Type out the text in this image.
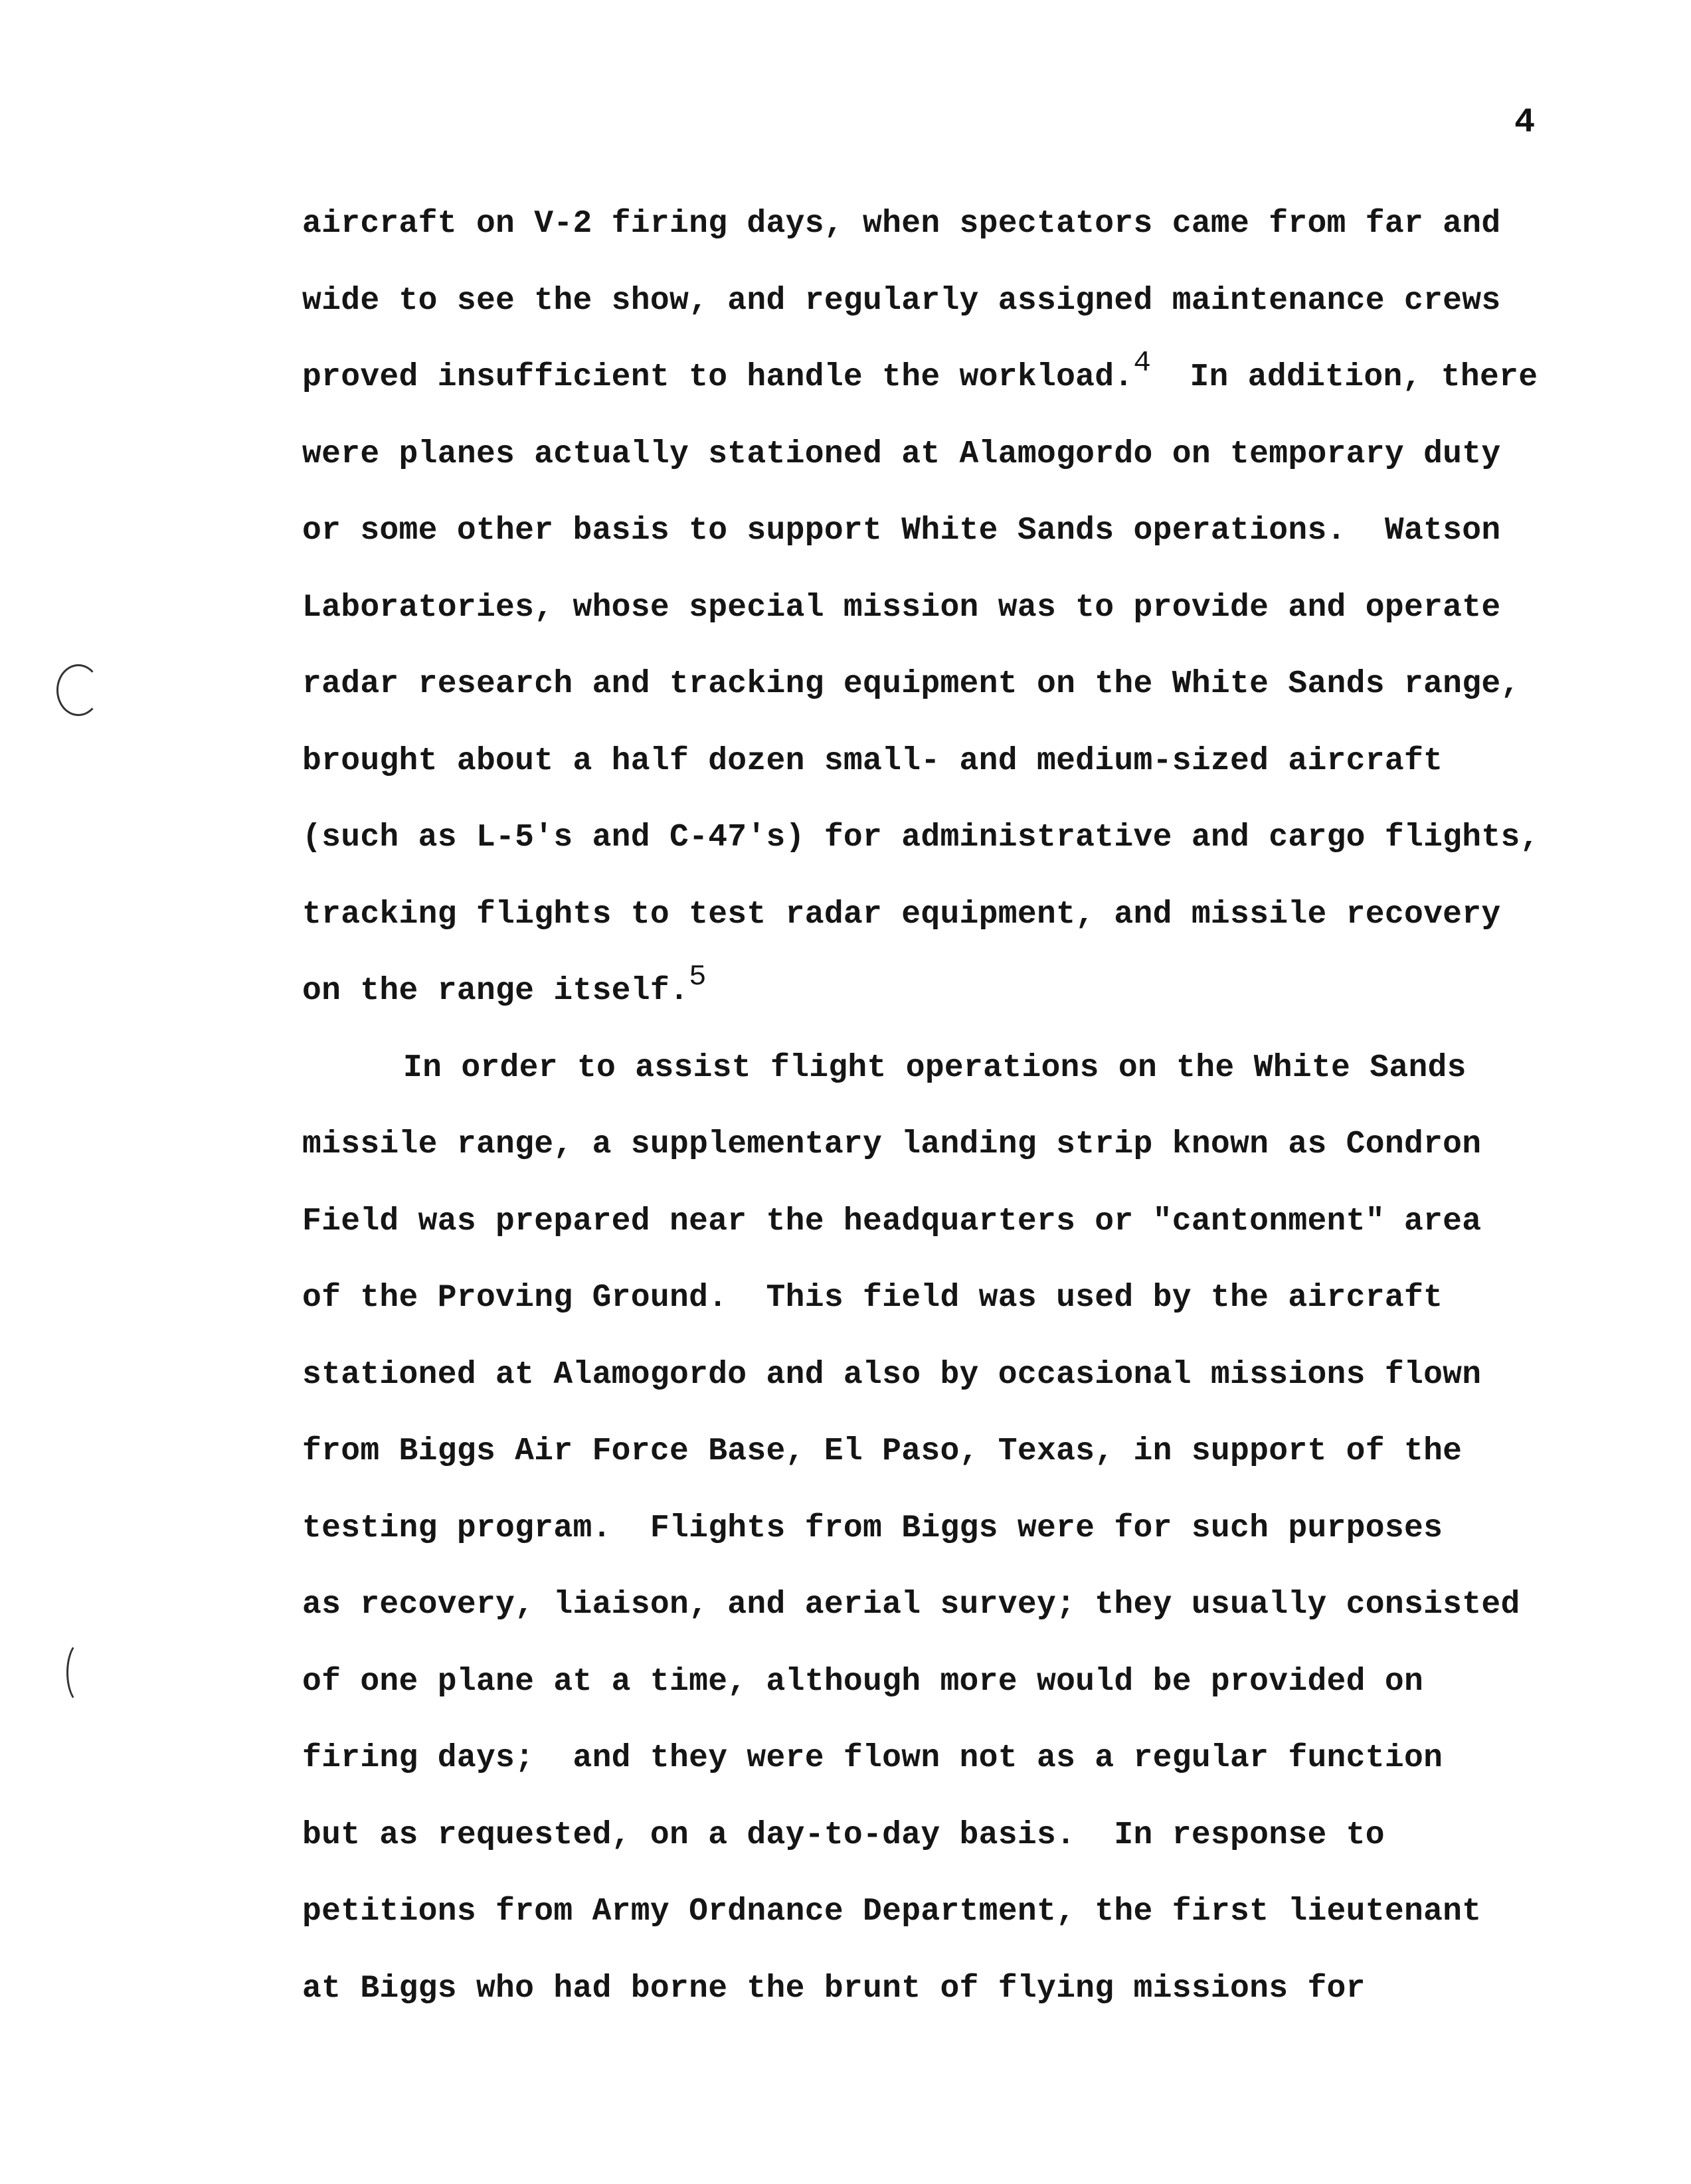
4
aircraft on V-2 firing days, when spectators came from far and
wide to see the show, and regularly assigned maintenance crews
proved insufficient to handle the workload.$^4$  In addition, there
were planes actually stationed at Alamogordo on temporary duty
or some other basis to support White Sands operations.  Watson
Laboratories, whose special mission was to provide and operate
radar research and tracking equipment on the White Sands range,
brought about a half dozen small- and medium-sized aircraft
(such as L-5's and C-47's) for administrative and cargo flights,
tracking flights to test radar equipment, and missile recovery
on the range itself.$^5$
In order to assist flight operations on the White Sands
missile range, a supplementary landing strip known as Condron
Field was prepared near the headquarters or "cantonment" area
of the Proving Ground.  This field was used by the aircraft
stationed at Alamogordo and also by occasional missions flown
from Biggs Air Force Base, El Paso, Texas, in support of the
testing program.  Flights from Biggs were for such purposes
as recovery, liaison, and aerial survey; they usually consisted
of one plane at a time, although more would be provided on
firing days;  and they were flown not as a regular function
but as requested, on a day-to-day basis.  In response to
petitions from Army Ordnance Department, the first lieutenant
at Biggs who had borne the brunt of flying missions for
